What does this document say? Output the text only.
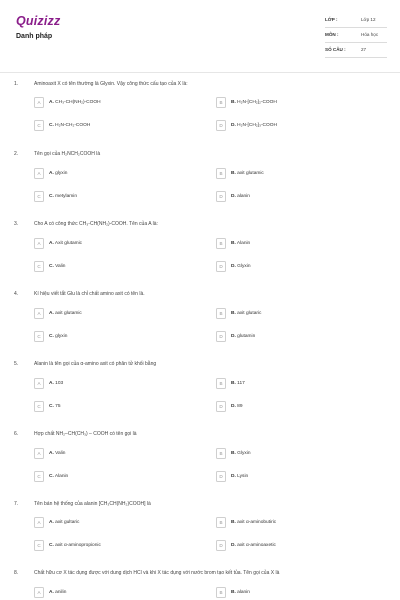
Quizizz
Danh pháp
LỚP :	Lớp 12
MÔN :	Hóa học
SỐ CÂU :	27
1.	Aminoaxit X có tên thường là Glyxin. Vậy công thức cấu tạo của X là:
A	A. CH₃-CH(NH₂)-COOH	B	B. H₂N-[CH₂]₂-COOH
C	C. H₂N-CH₂-COOH	D	D. H₂N-[CH₂]₃-COOH
2.	Tên gọi của H₂NCH₂COOH là
A	A. glyxin	B	B. axit glutamic
C	C. metylamin	D	D. alanin
3.	Cho A có công thức CH₃-CH(NH₂)-COOH. Tên của A là:
A	A. Axit glutamic	B	B. Alanin
C	C. Valin	D	D. Glyxin
4.	Kí hiệu viết tắt Glu là chỉ chất amino axit có tên là.
A	A. axit glutamic	B	B. axit glutaric
C	C. glyxin	D	D. glutamin
5.	Alanin là tên gọi của α-amino axit có phân tử khối bằng
A	A. 103	B	B. 117
C	C. 75	D	D. 89
6.	Hợp chất NH₂–CH(CH₃) – COOH có tên gọi là
A	A. Valin	B	B. Glyxin
C	C. Alanin	D	D. Lysin
7.	Tên bán hệ thống của alanin [CH₃CH(NH₂)COOH] là
A	A. axit gultaric	B	B. axit α-aminobutiric
C	C. axit α-aminopropionic	D	D. axit α-aminoaxetic
8.	Chất hữu cơ X tác dụng được với dung dịch HCl và khi X tác dụng với nước brom tạo kết tủa. Tên gọi của X là
A	A. anilin	B	B. alanin
